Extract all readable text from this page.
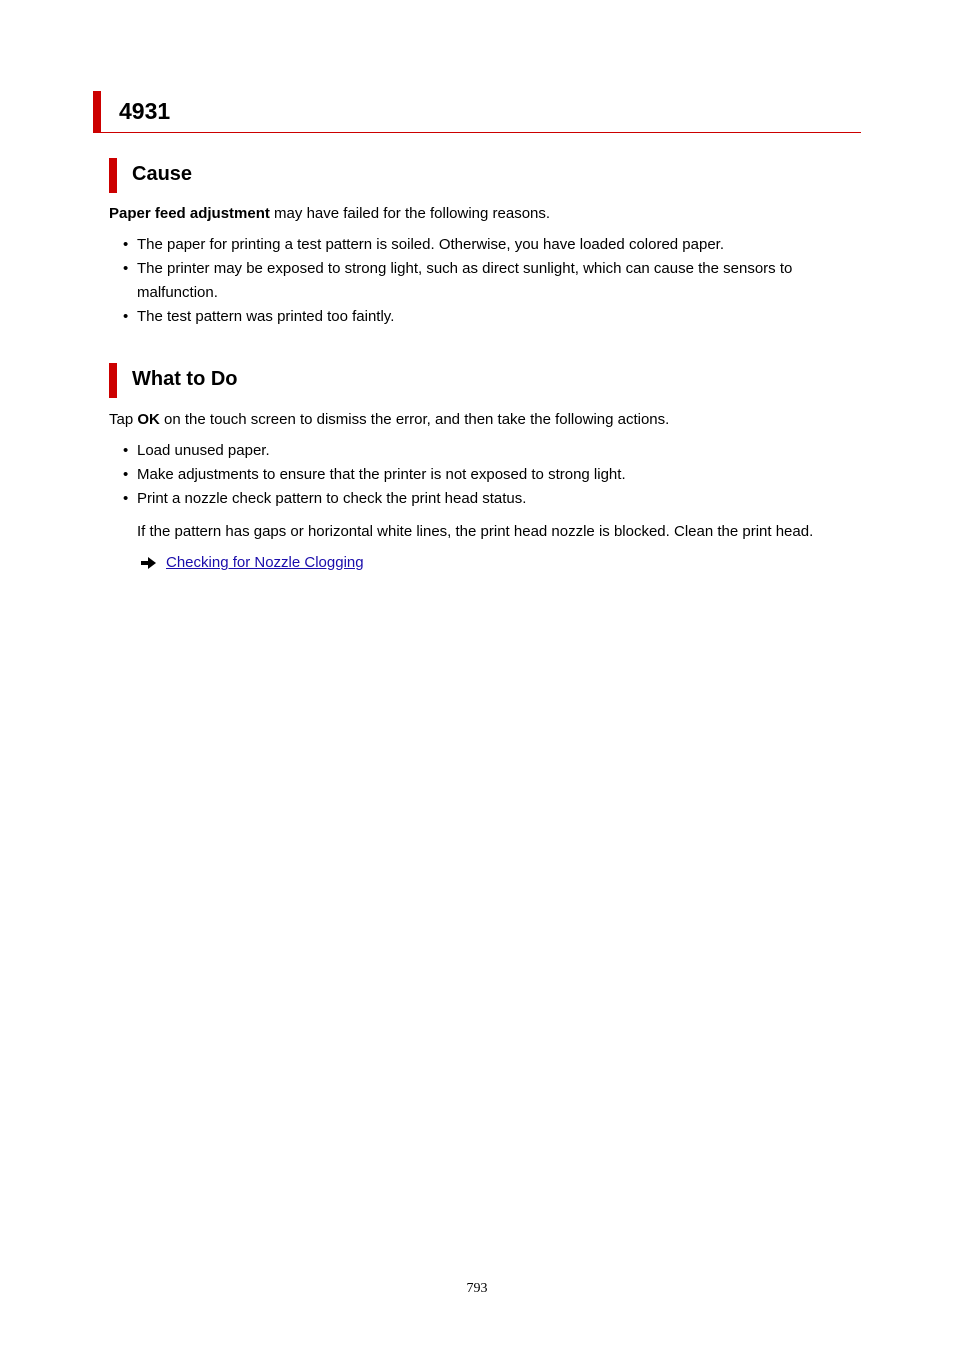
4931
Cause
Paper feed adjustment may have failed for the following reasons.
• The paper for printing a test pattern is soiled. Otherwise, you have loaded colored paper.
• The printer may be exposed to strong light, such as direct sunlight, which can cause the sensors to malfunction.
• The test pattern was printed too faintly.
What to Do
Tap OK on the touch screen to dismiss the error, and then take the following actions.
• Load unused paper.
• Make adjustments to ensure that the printer is not exposed to strong light.
• Print a nozzle check pattern to check the print head status.
If the pattern has gaps or horizontal white lines, the print head nozzle is blocked. Clean the print head.
Checking for Nozzle Clogging
793
